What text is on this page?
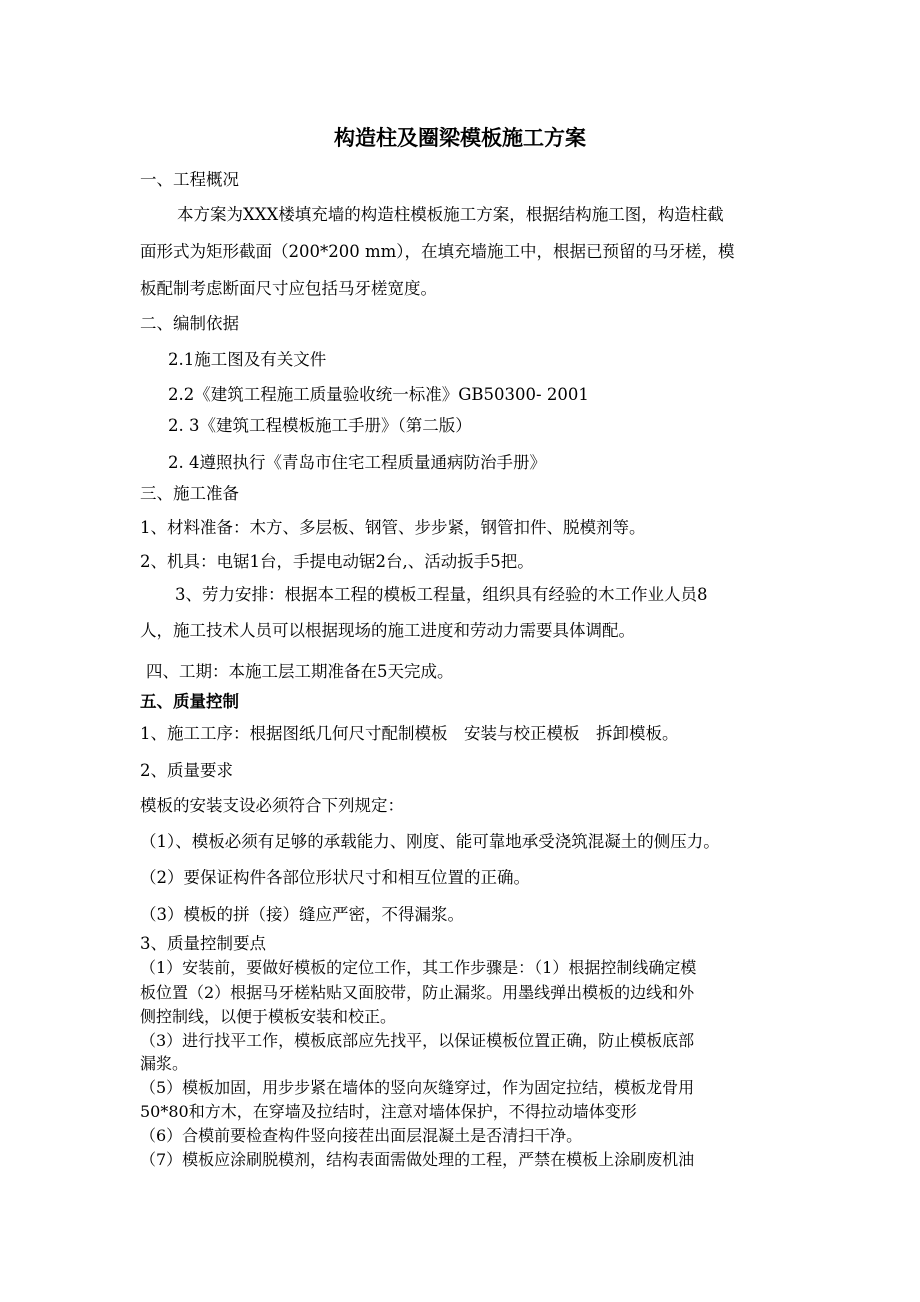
构造柱及圈梁模板施工方案
一、工程概况
本方案为XXX楼填充墙的构造柱模板施工方案，根据结构施工图，构造柱截
面形式为矩形截面（200*200 mm），在填充墙施工中，根据已预留的马牙槎，模
板配制考虑断面尺寸应包括马牙槎宽度。
二、编制依据
2.1施工图及有关文件
2.2《建筑工程施工质量验收统一标准》GB50300- 2001
2. 3《建筑工程模板施工手册》（第二版）
2. 4遵照执行《青岛市住宅工程质量通病防治手册》
三、施工准备
1、材料准备：木方、多层板、钢管、步步紧，钢管扣件、脱模剂等。
2、机具：电锯1台，手提电动锯2台,、活动扳手5把。
3、劳力安排：根据本工程的模板工程量，组织具有经验的木工作业人员8
人，施工技术人员可以根据现场的施工进度和劳动力需要具体调配。
四、工期：本施工层工期准备在5天完成。
五、质量控制
1、施工工序：根据图纸几何尺寸配制模板　安装与校正模板　拆卸模板。
2、质量要求
模板的安装支设必须符合下列规定：
（1）、模板必须有足够的承载能力、刚度、能可靠地承受浇筑混凝土的侧压力。
（2）要保证构件各部位形状尺寸和相互位置的正确。
（3）模板的拼（接）缝应严密，不得漏浆。
3、质量控制要点
（1）安装前，要做好模板的定位工作，其工作步骤是：（1）根据控制线确定模
板位置（2）根据马牙槎粘贴又面胶带，防止漏浆。用墨线弹出模板的边线和外
侧控制线，以便于模板安装和校正。
（3）进行找平工作，模板底部应先找平，以保证模板位置正确，防止模板底部
漏浆。
（5）模板加固，用步步紧在墙体的竖向灰缝穿过，作为固定拉结，模板龙骨用
50*80和方木，在穿墙及拉结时，注意对墙体保护，不得拉动墙体变形
（6）合模前要检查构件竖向接茬出面层混凝土是否清扫干净。
（7）模板应涂刷脱模剂，结构表面需做处理的工程，严禁在模板上涂刷废机油
